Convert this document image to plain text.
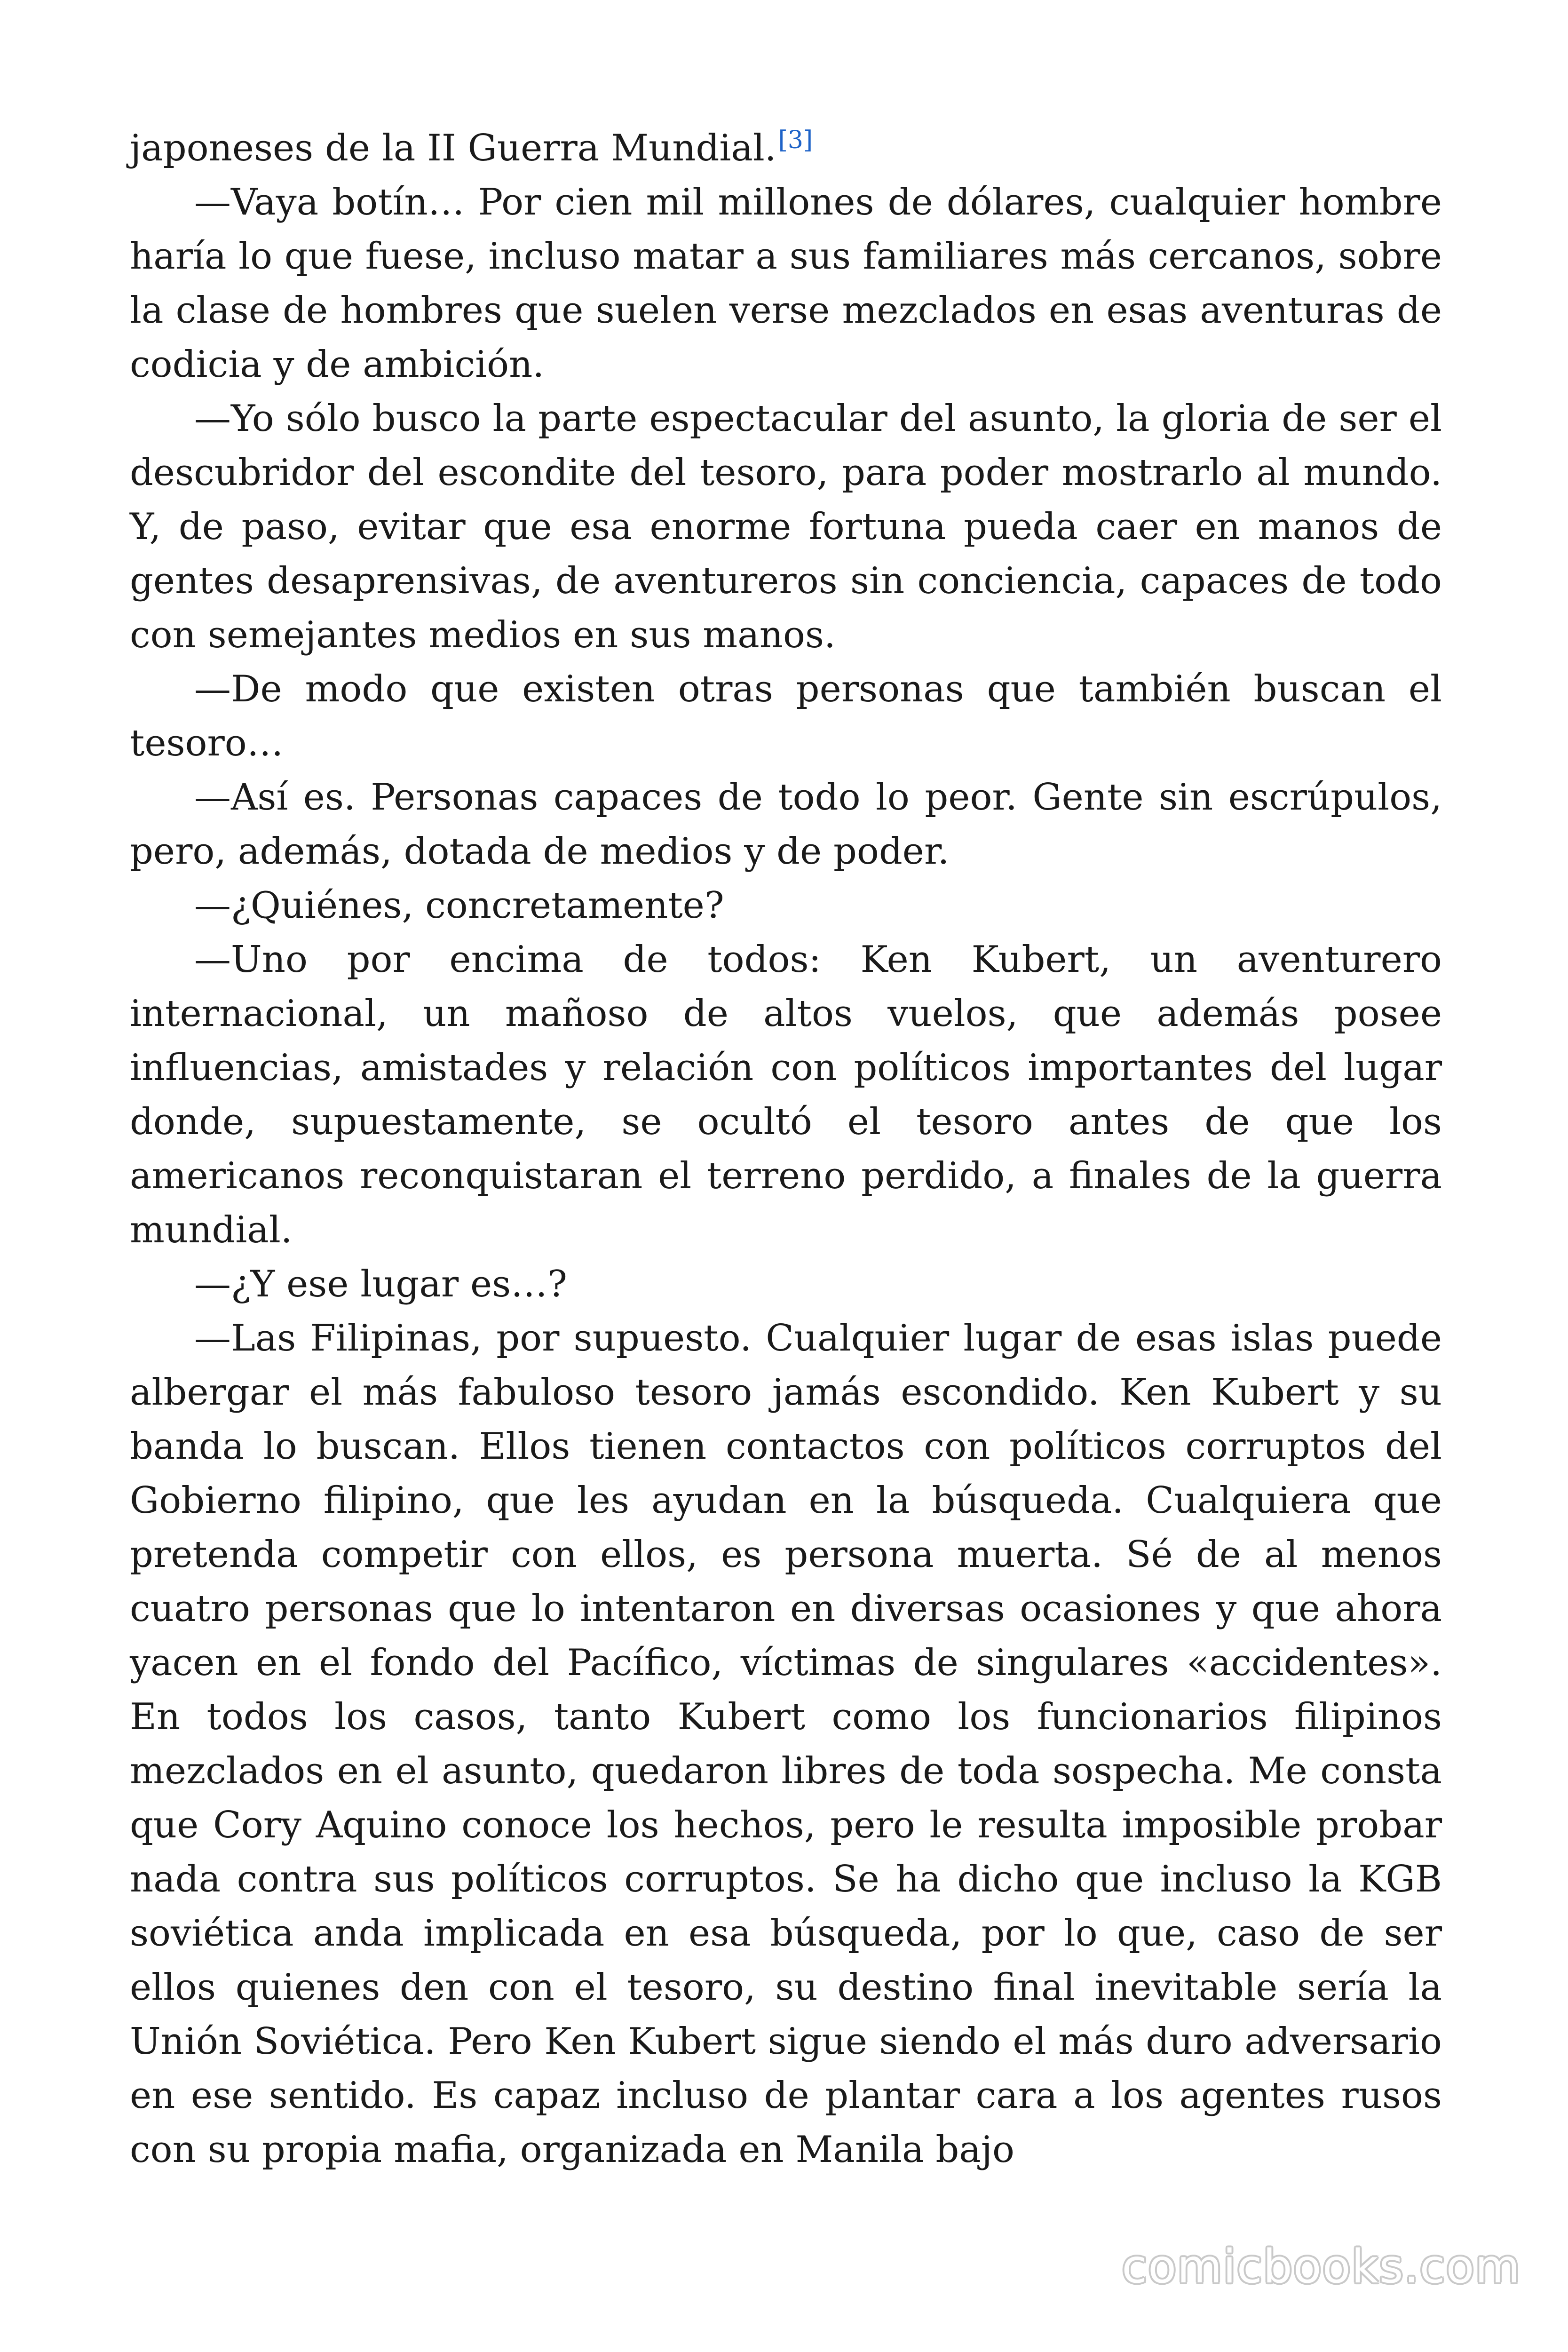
japoneses de la II Guerra Mundial.[3]

—Vaya botín… Por cien mil millones de dólares, cualquier hombre haría lo que fuese, incluso matar a sus familiares más cercanos, sobre la clase de hombres que suelen verse mezclados en esas aventuras de codicia y de ambición.

—Yo sólo busco la parte espectacular del asunto, la gloria de ser el descubridor del escondite del tesoro, para poder mostrarlo al mundo. Y, de paso, evitar que esa enorme fortuna pueda caer en manos de gentes desaprensivas, de aventureros sin conciencia, capaces de todo con semejantes medios en sus manos.

—De modo que existen otras personas que también buscan el tesoro…

—Así es. Personas capaces de todo lo peor. Gente sin escrúpulos, pero, además, dotada de medios y de poder.

—¿Quiénes, concretamente?

—Uno por encima de todos: Ken Kubert, un aventurero internacional, un mañoso de altos vuelos, que además posee influencias, amistades y relación con políticos importantes del lugar donde, supuestamente, se ocultó el tesoro antes de que los americanos reconquistaran el terreno perdido, a finales de la guerra mundial.

—¿Y ese lugar es…?

—Las Filipinas, por supuesto. Cualquier lugar de esas islas puede albergar el más fabuloso tesoro jamás escondido. Ken Kubert y su banda lo buscan. Ellos tienen contactos con políticos corruptos del Gobierno filipino, que les ayudan en la búsqueda. Cualquiera que pretenda competir con ellos, es persona muerta. Sé de al menos cuatro personas que lo intentaron en diversas ocasiones y que ahora yacen en el fondo del Pacífico, víctimas de singulares «accidentes». En todos los casos, tanto Kubert como los funcionarios filipinos mezclados en el asunto, quedaron libres de toda sospecha. Me consta que Cory Aquino conoce los hechos, pero le resulta imposible probar nada contra sus políticos corruptos. Se ha dicho que incluso la KGB soviética anda implicada en esa búsqueda, por lo que, caso de ser ellos quienes den con el tesoro, su destino final inevitable sería la Unión Soviética. Pero Ken Kubert sigue siendo el más duro adversario en ese sentido. Es capaz incluso de plantar cara a los agentes rusos con su propia mafia, organizada en Manila bajo

comicbooks.com
